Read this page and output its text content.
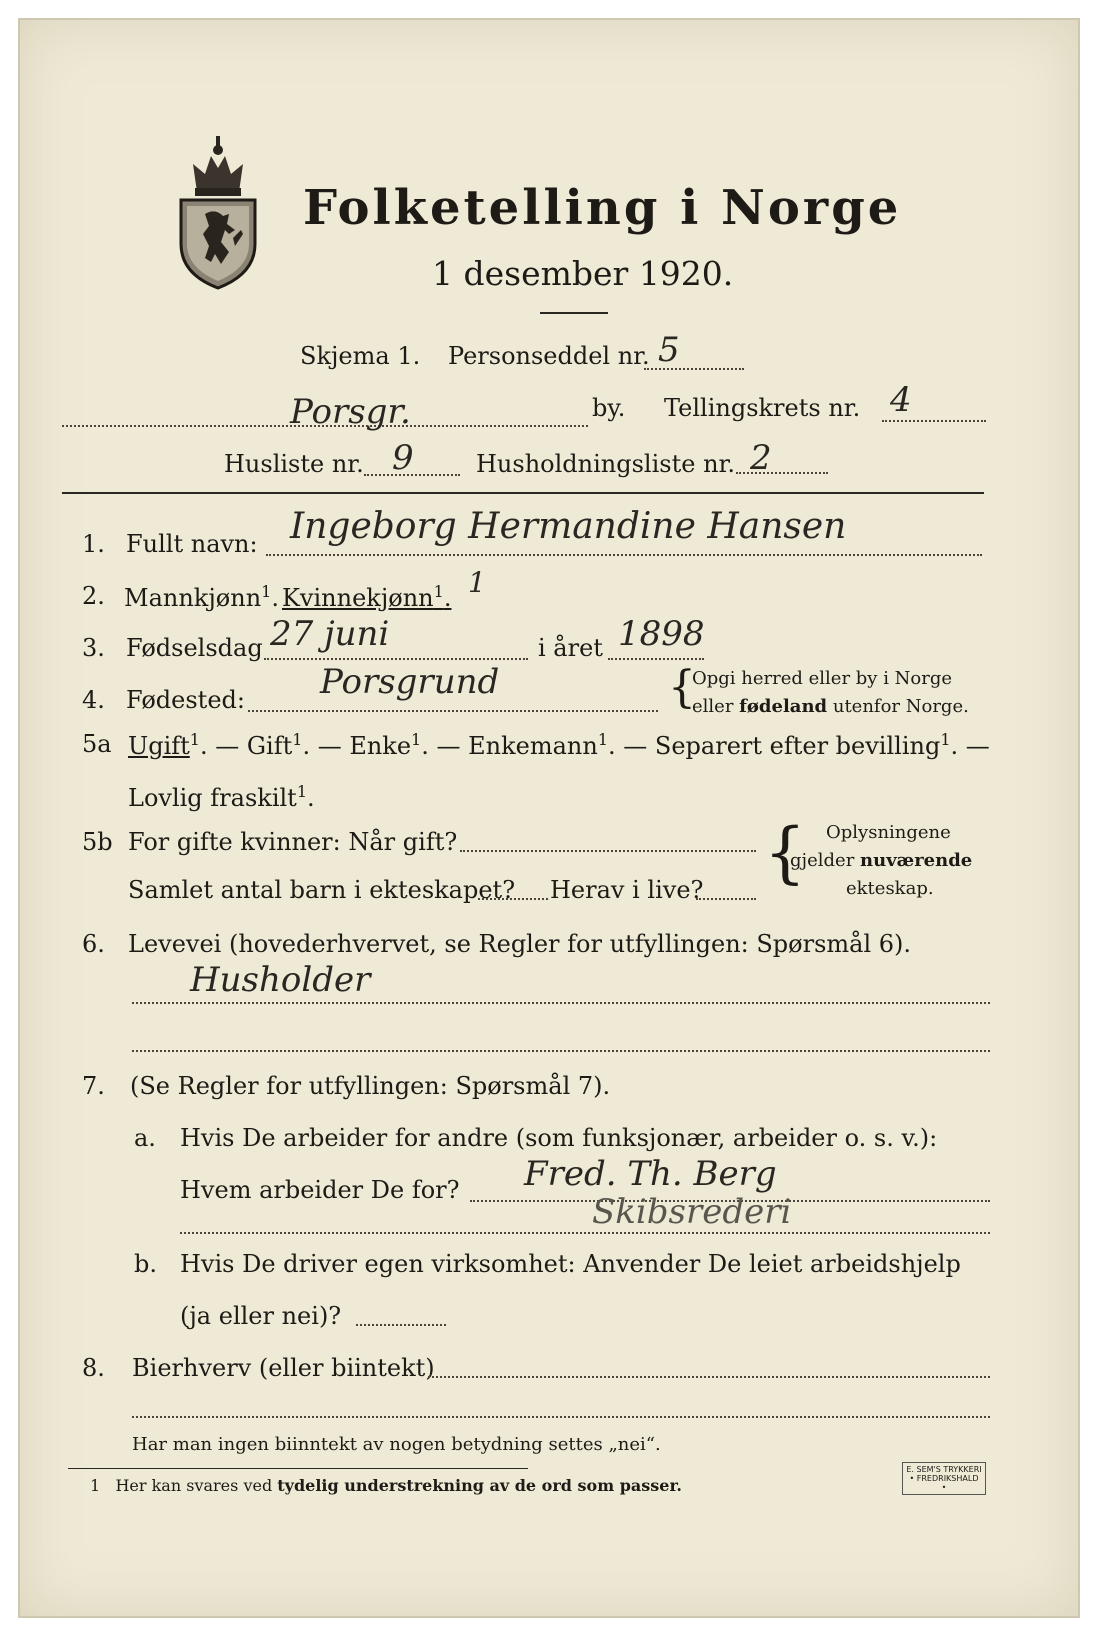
Folketelling i Norge
1 desember 1920.
Skjema 1. Personseddel nr. 5
Porsgr.	by. Tellingskrets nr. 4
Husliste nr. 9	Husholdningsliste nr. 2
1. Fullt navn: Ingeborg Hermandine Hansen
2. Mannkjønn$^1$. Kvinnekjønn$^1$. 1
3. Fødselsdag 27 juni	i året 1898
4. Fødested: Porsgrund	{
Opgi herred eller by i Norge
eller fødeland utenfor Norge.
5a Ugift$^1$. — Gift$^1$. — Enke$^1$. — Enkemann$^1$. — Separert efter bevilling$^1$. —
Lovlig fraskilt$^1$.
5b For gifte kvinner: Når gift?
Samlet antal barn i ekteskapet? Herav i live? { Oplysningene
gjelder nuværende
ekteskap.
6. Levevei (hovederhvervet, se Regler for utfyllingen: Spørsmål 6).
Husholder
7. (Se Regler for utfyllingen: Spørsmål 7).
a. Hvis De arbeider for andre (som funksjonær, arbeider o. s. v.):
Hvem arbeider De for? Fred. Th. Berg
Skibsrederi
b. Hvis De driver egen virksomhet: Anvender De leiet arbeidshjelp
(ja eller nei)?
8. Bierhverv (eller biintekt)
Har man ingen biinntekt av nogen betydning settes „nei“.
1 Her kan svares ved tydelig understrekning av de ord som passer.
E. SEM'S TRYKKERI
• FREDRIKSHALD •
